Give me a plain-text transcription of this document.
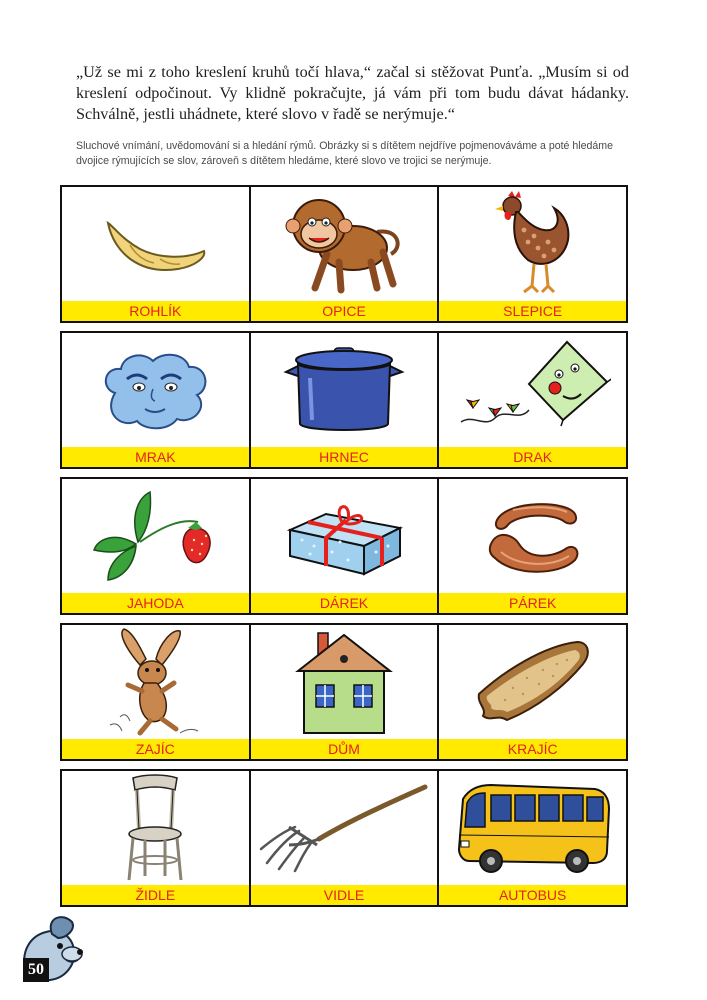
„Už se mi z toho kreslení kruhů točí hlava,“ začal si stěžovat Punťa. „Musím si od kreslení odpočinout. Vy klidně pokračujte, já vám při tom budu dávat hádanky. Schválně, jestli uhádnete, které slovo v řadě se nerýmuje.“

Sluchové vnímání, uvědomování si a hledání rýmů. Obrázky si s dítětem nejdříve pojmenováváme a poté hledáme dvojice rýmujících se slov, zároveň s dítětem hledáme, které slovo ve trojici se nerýmuje.

ROHLÍK	OPICE	SLEPICE
MRAK	HRNEC	DRAK
JAHODA	DÁREK	PÁREK
ZAJÍC	DŮM	KRAJÍC
ŽIDLE	VIDLE	AUTOBUS
50
